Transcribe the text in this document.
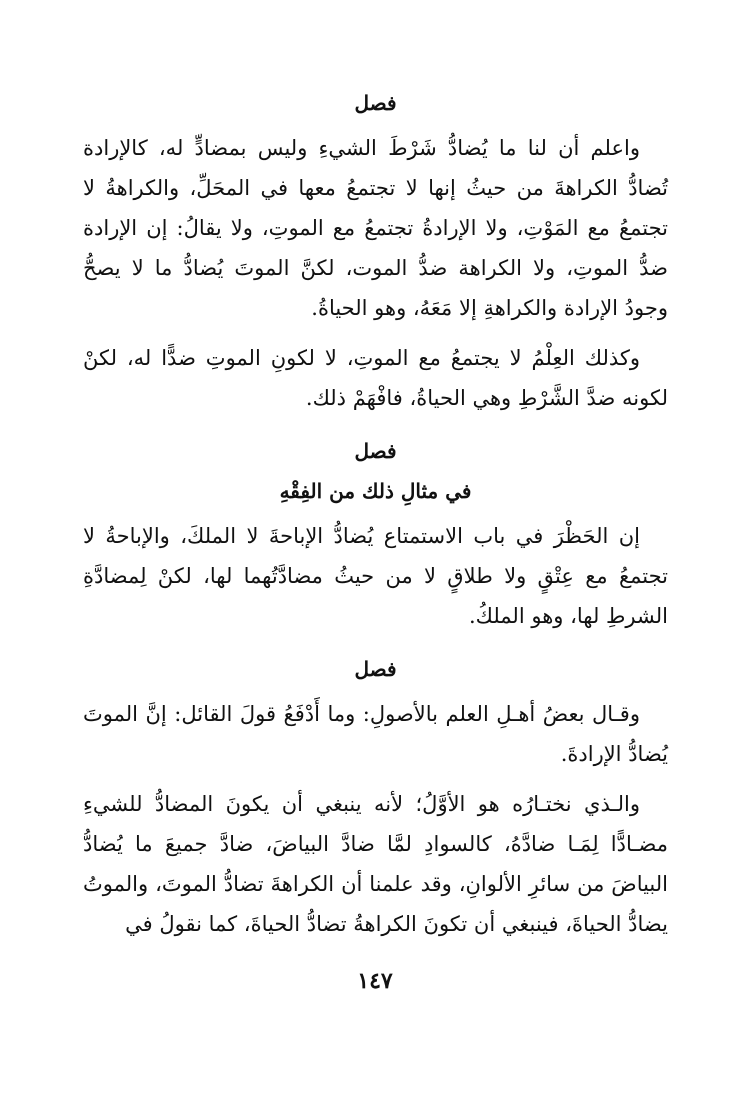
فصل

واعلم أن لنا ما يُضادُّ شَرْطَ الشيءِ وليس بمضادٍّ له، كالإرادة تُضادُّ الكراهةَ من حيثُ إنها لا تجتمعُ معها في المحَلِّ، والكراهةُ لا تجتمعُ مع المَوْتِ، ولا الإرادةُ تجتمعُ مع الموتِ، ولا يقالُ: إن الإرادة ضدُّ الموتِ، ولا الكراهة ضدُّ الموت، لكنَّ الموتَ يُضادُّ ما لا يصحُّ وجودُ الإرادة والكراهةِ إلا مَعَهُ، وهو الحياةُ.

وكذلك العِلْمُ لا يجتمعُ مع الموتِ، لا لكونِ الموتِ ضدًّا له، لكنْ لكونه ضدَّ الشَّرْطِ وهي الحياةُ، فافْهَمْ ذلك.

فصل
في مثالِ ذلك من الفِقْهِ

إن الحَظْرَ في باب الاستمتاع يُضادُّ الإباحةَ لا الملكَ، والإباحةُ لا تجتمعُ مع عِتْقٍ ولا طلاقٍ لا من حيثُ مضادَّتُهما لها، لكنْ لِمضادَّةِ الشرطِ لها، وهو الملكُ.

فصل

وقـال بعضُ أهـلِ العلم بالأصولِ: وما أَدْفَعُ قولَ القائل: إنَّ الموتَ يُضادُّ الإرادةَ.

والـذي نختـارُه هو الأوَّلُ؛ لأنه ينبغي أن يكونَ المضادُّ للشيءِ مضـادًّا لِمَـا ضادَّهُ، كالسوادِ لمَّا ضادَّ البياضَ، ضادَّ جميعَ ما يُضادُّ البياضَ من سائرِ الألوانِ، وقد علمنا أن الكراهةَ تضادُّ الموتَ، والموتُ يضادُّ الحياةَ، فينبغي أن تكونَ الكراهةُ تضادُّ الحياةَ، كما نقولُ في

١٤٧
